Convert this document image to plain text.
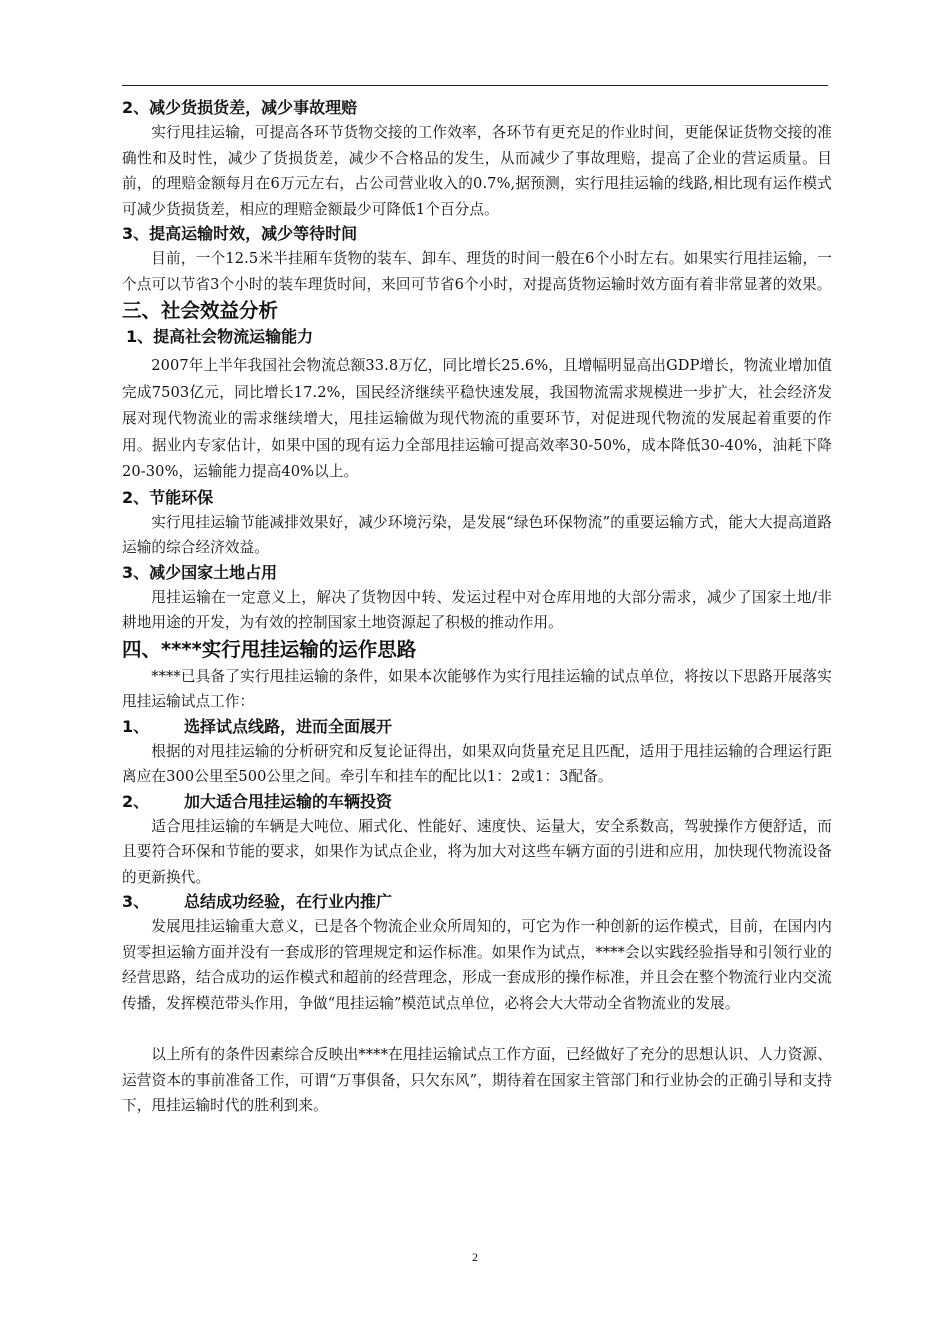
2、减少货损货差，减少事故理赔

实行甩挂运输，可提高各环节货物交接的工作效率，各环节有更充足的作业时间，更能保证货物交接的准确性和及时性，减少了货损货差，减少不合格品的发生，从而减少了事故理赔，提高了企业的营运质量。目前，的理赔金额每月在6万元左右，占公司营业收入的0.7%,据预测，实行甩挂运输的线路,相比现有运作模式可减少货损货差，相应的理赔金额最少可降低1个百分点。

3、提高运输时效，减少等待时间

目前，一个12.5米半挂厢车货物的装车、卸车、理货的时间一般在6个小时左右。如果实行甩挂运输，一个点可以节省3个小时的装车理货时间，来回可节省6个小时，对提高货物运输时效方面有着非常显著的效果。

三、社会效益分析
1、提高社会物流运输能力

2007年上半年我国社会物流总额33.8万亿，同比增长25.6%，且增幅明显高出GDP增长，物流业增加值完成7503亿元，同比增长17.2%，国民经济继续平稳快速发展，我国物流需求规模进一步扩大，社会经济发展对现代物流业的需求继续增大，甩挂运输做为现代物流的重要环节，对促进现代物流的发展起着重要的作用。据业内专家估计，如果中国的现有运力全部甩挂运输可提高效率30-50%，成本降低30-40%，油耗下降20-30%，运输能力提高40%以上。

2、节能环保

实行甩挂运输节能减排效果好，减少环境污染，是发展“绿色环保物流”的重要运输方式，能大大提高道路运输的综合经济效益。

3、减少国家土地占用

甩挂运输在一定意义上，解决了货物因中转、发运过程中对仓库用地的大部分需求，减少了国家土地/非耕地用途的开发，为有效的控制国家土地资源起了积极的推动作用。

四、****实行甩挂运输的运作思路

****已具备了实行甩挂运输的条件，如果本次能够作为实行甩挂运输的试点单位，将按以下思路开展落实甩挂运输试点工作：

1、	选择试点线路，进而全面展开

根据的对甩挂运输的分析研究和反复论证得出，如果双向货量充足且匹配，适用于甩挂运输的合理运行距离应在300公里至500公里之间。牵引车和挂车的配比以1：2或1：3配备。

2、	加大适合甩挂运输的车辆投资

适合甩挂运输的车辆是大吨位、厢式化、性能好、速度快、运量大，安全系数高，驾驶操作方便舒适，而且要符合环保和节能的要求，如果作为试点企业，将为加大对这些车辆方面的引进和应用，加快现代物流设备的更新换代。

3、	总结成功经验，在行业内推广

发展甩挂运输重大意义，已是各个物流企业众所周知的，可它为作一种创新的运作模式，目前，在国内内贸零担运输方面并没有一套成形的管理规定和运作标准。如果作为试点，****会以实践经验指导和引领行业的经营思路，结合成功的运作模式和超前的经营理念，形成一套成形的操作标准，并且会在整个物流行业内交流传播，发挥模范带头作用，争做“甩挂运输”模范试点单位，必将会大大带动全省物流业的发展。

以上所有的条件因素综合反映出****在甩挂运输试点工作方面，已经做好了充分的思想认识、人力资源、运营资本的事前准备工作，可谓“万事俱备，只欠东风”，期待着在国家主管部门和行业协会的正确引导和支持下，甩挂运输时代的胜利到来。

2
